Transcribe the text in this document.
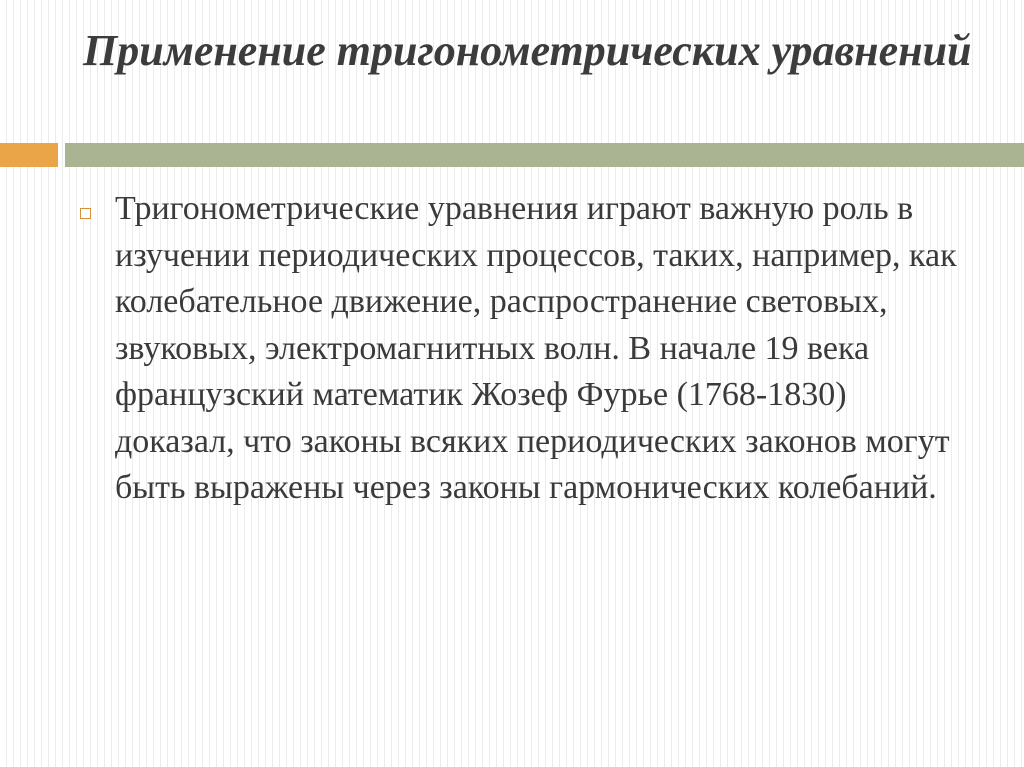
Применение тригонометрических уравнений

Тригонометрические уравнения играют важную роль в изучении периодических процессов, таких, например, как колебательное движение, распространение световых, звуковых, электромагнитных волн. В начале 19 века французский математик Жозеф Фурье (1768-1830) доказал, что законы всяких периодических законов могут быть выражены через законы гармонических колебаний.
